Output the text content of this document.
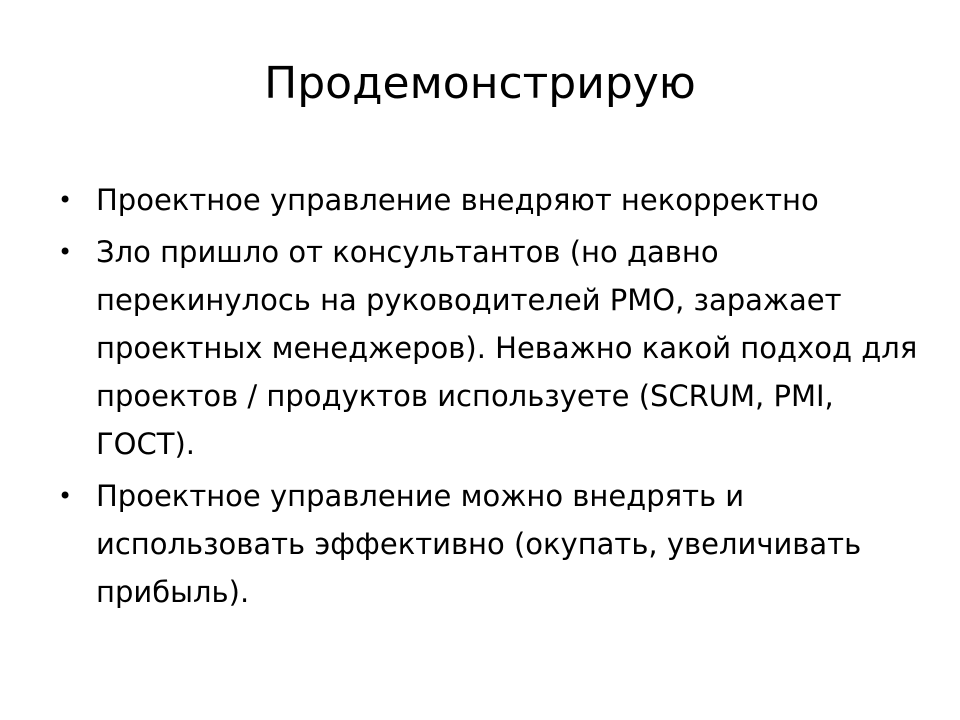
Продемонстрирую
• Проектное управление внедряют некорректно
• Зло пришло от консультантов (но давно перекинулось на руководителей PMO, заражает проектных менеджеров). Неважно какой подход для проектов / продуктов используете (SCRUM, PMI, ГОСТ).
• Проектное управление можно внедрять и использовать эффективно (окупать, увеличивать прибыль).
